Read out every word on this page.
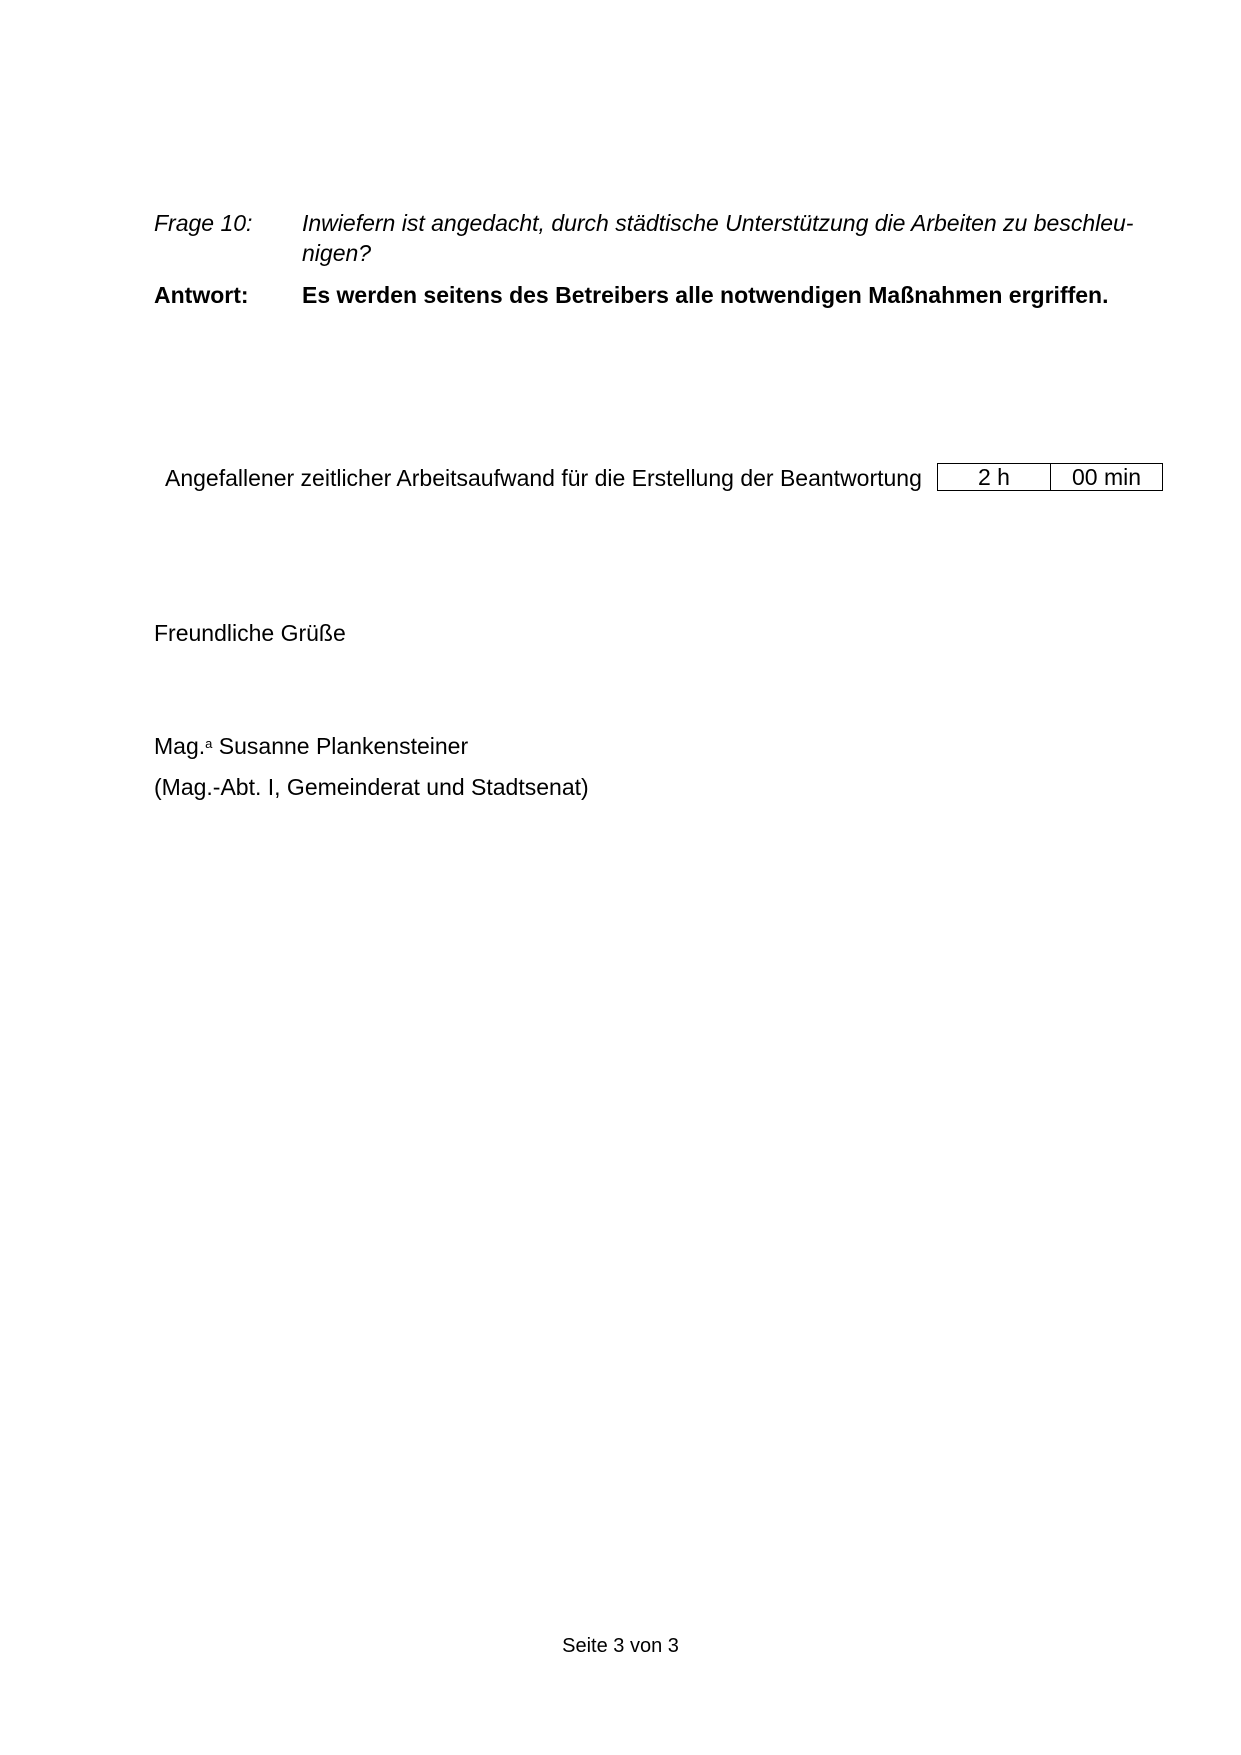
Frage 10: Inwiefern ist angedacht, durch städtische Unterstützung die Arbeiten zu beschleu-
nigen?
Antwort: Es werden seitens des Betreibers alle notwendigen Maßnahmen ergriffen.
Angefallener zeitlicher Arbeitsaufwand für die Erstellung der Beantwortung	2 h	00 min
Freundliche Grüße
Mag.$^a$ Susanne Plankensteiner
(Mag.-Abt. I, Gemeinderat und Stadtsenat)
Seite 3 von 3
